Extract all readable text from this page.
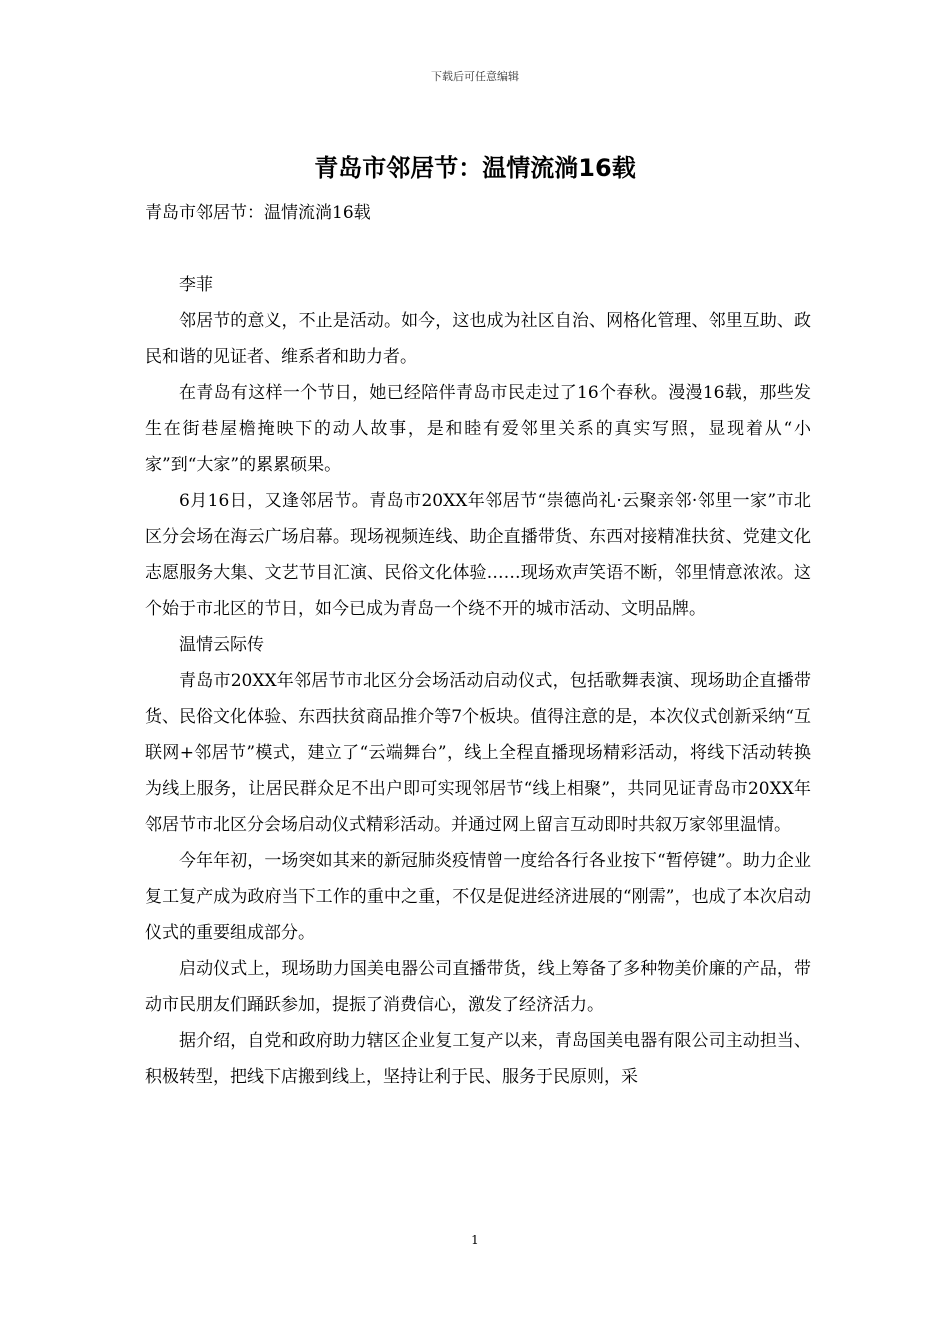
下载后可任意编辑
青岛市邻居节：温情流淌16载

青岛市邻居节：温情流淌16载

李菲

邻居节的意义，不止是活动。如今，这也成为社区自治、网格化管理、邻里互助、政民和谐的见证者、维系者和助力者。

在青岛有这样一个节日，她已经陪伴青岛市民走过了16个春秋。漫漫16载，那些发生在街巷屋檐掩映下的动人故事，是和睦有爱邻里关系的真实写照，显现着从“小家”到“大家”的累累硕果。

6月16日，又逢邻居节。青岛市20XX年邻居节“崇德尚礼·云聚亲邻·邻里一家”市北区分会场在海云广场启幕。现场视频连线、助企直播带货、东西对接精准扶贫、党建文化志愿服务大集、文艺节目汇演、民俗文化体验……现场欢声笑语不断，邻里情意浓浓。这个始于市北区的节日，如今已成为青岛一个绕不开的城市活动、文明品牌。

温情云际传

青岛市20XX年邻居节市北区分会场活动启动仪式，包括歌舞表演、现场助企直播带货、民俗文化体验、东西扶贫商品推介等7个板块。值得注意的是，本次仪式创新采纳“互联网+邻居节”模式，建立了“云端舞台”，线上全程直播现场精彩活动，将线下活动转换为线上服务，让居民群众足不出户即可实现邻居节“线上相聚”，共同见证青岛市20XX年邻居节市北区分会场启动仪式精彩活动。并通过网上留言互动即时共叙万家邻里温情。

今年年初，一场突如其来的新冠肺炎疫情曾一度给各行各业按下“暂停键”。助力企业复工复产成为政府当下工作的重中之重，不仅是促进经济进展的“刚需”，也成了本次启动仪式的重要组成部分。

启动仪式上，现场助力国美电器公司直播带货，线上筹备了多种物美价廉的产品，带动市民朋友们踊跃参加，提振了消费信心，激发了经济活力。

据介绍，自党和政府助力辖区企业复工复产以来，青岛国美电器有限公司主动担当、积极转型，把线下店搬到线上，坚持让利于民、服务于民原则，采

1
